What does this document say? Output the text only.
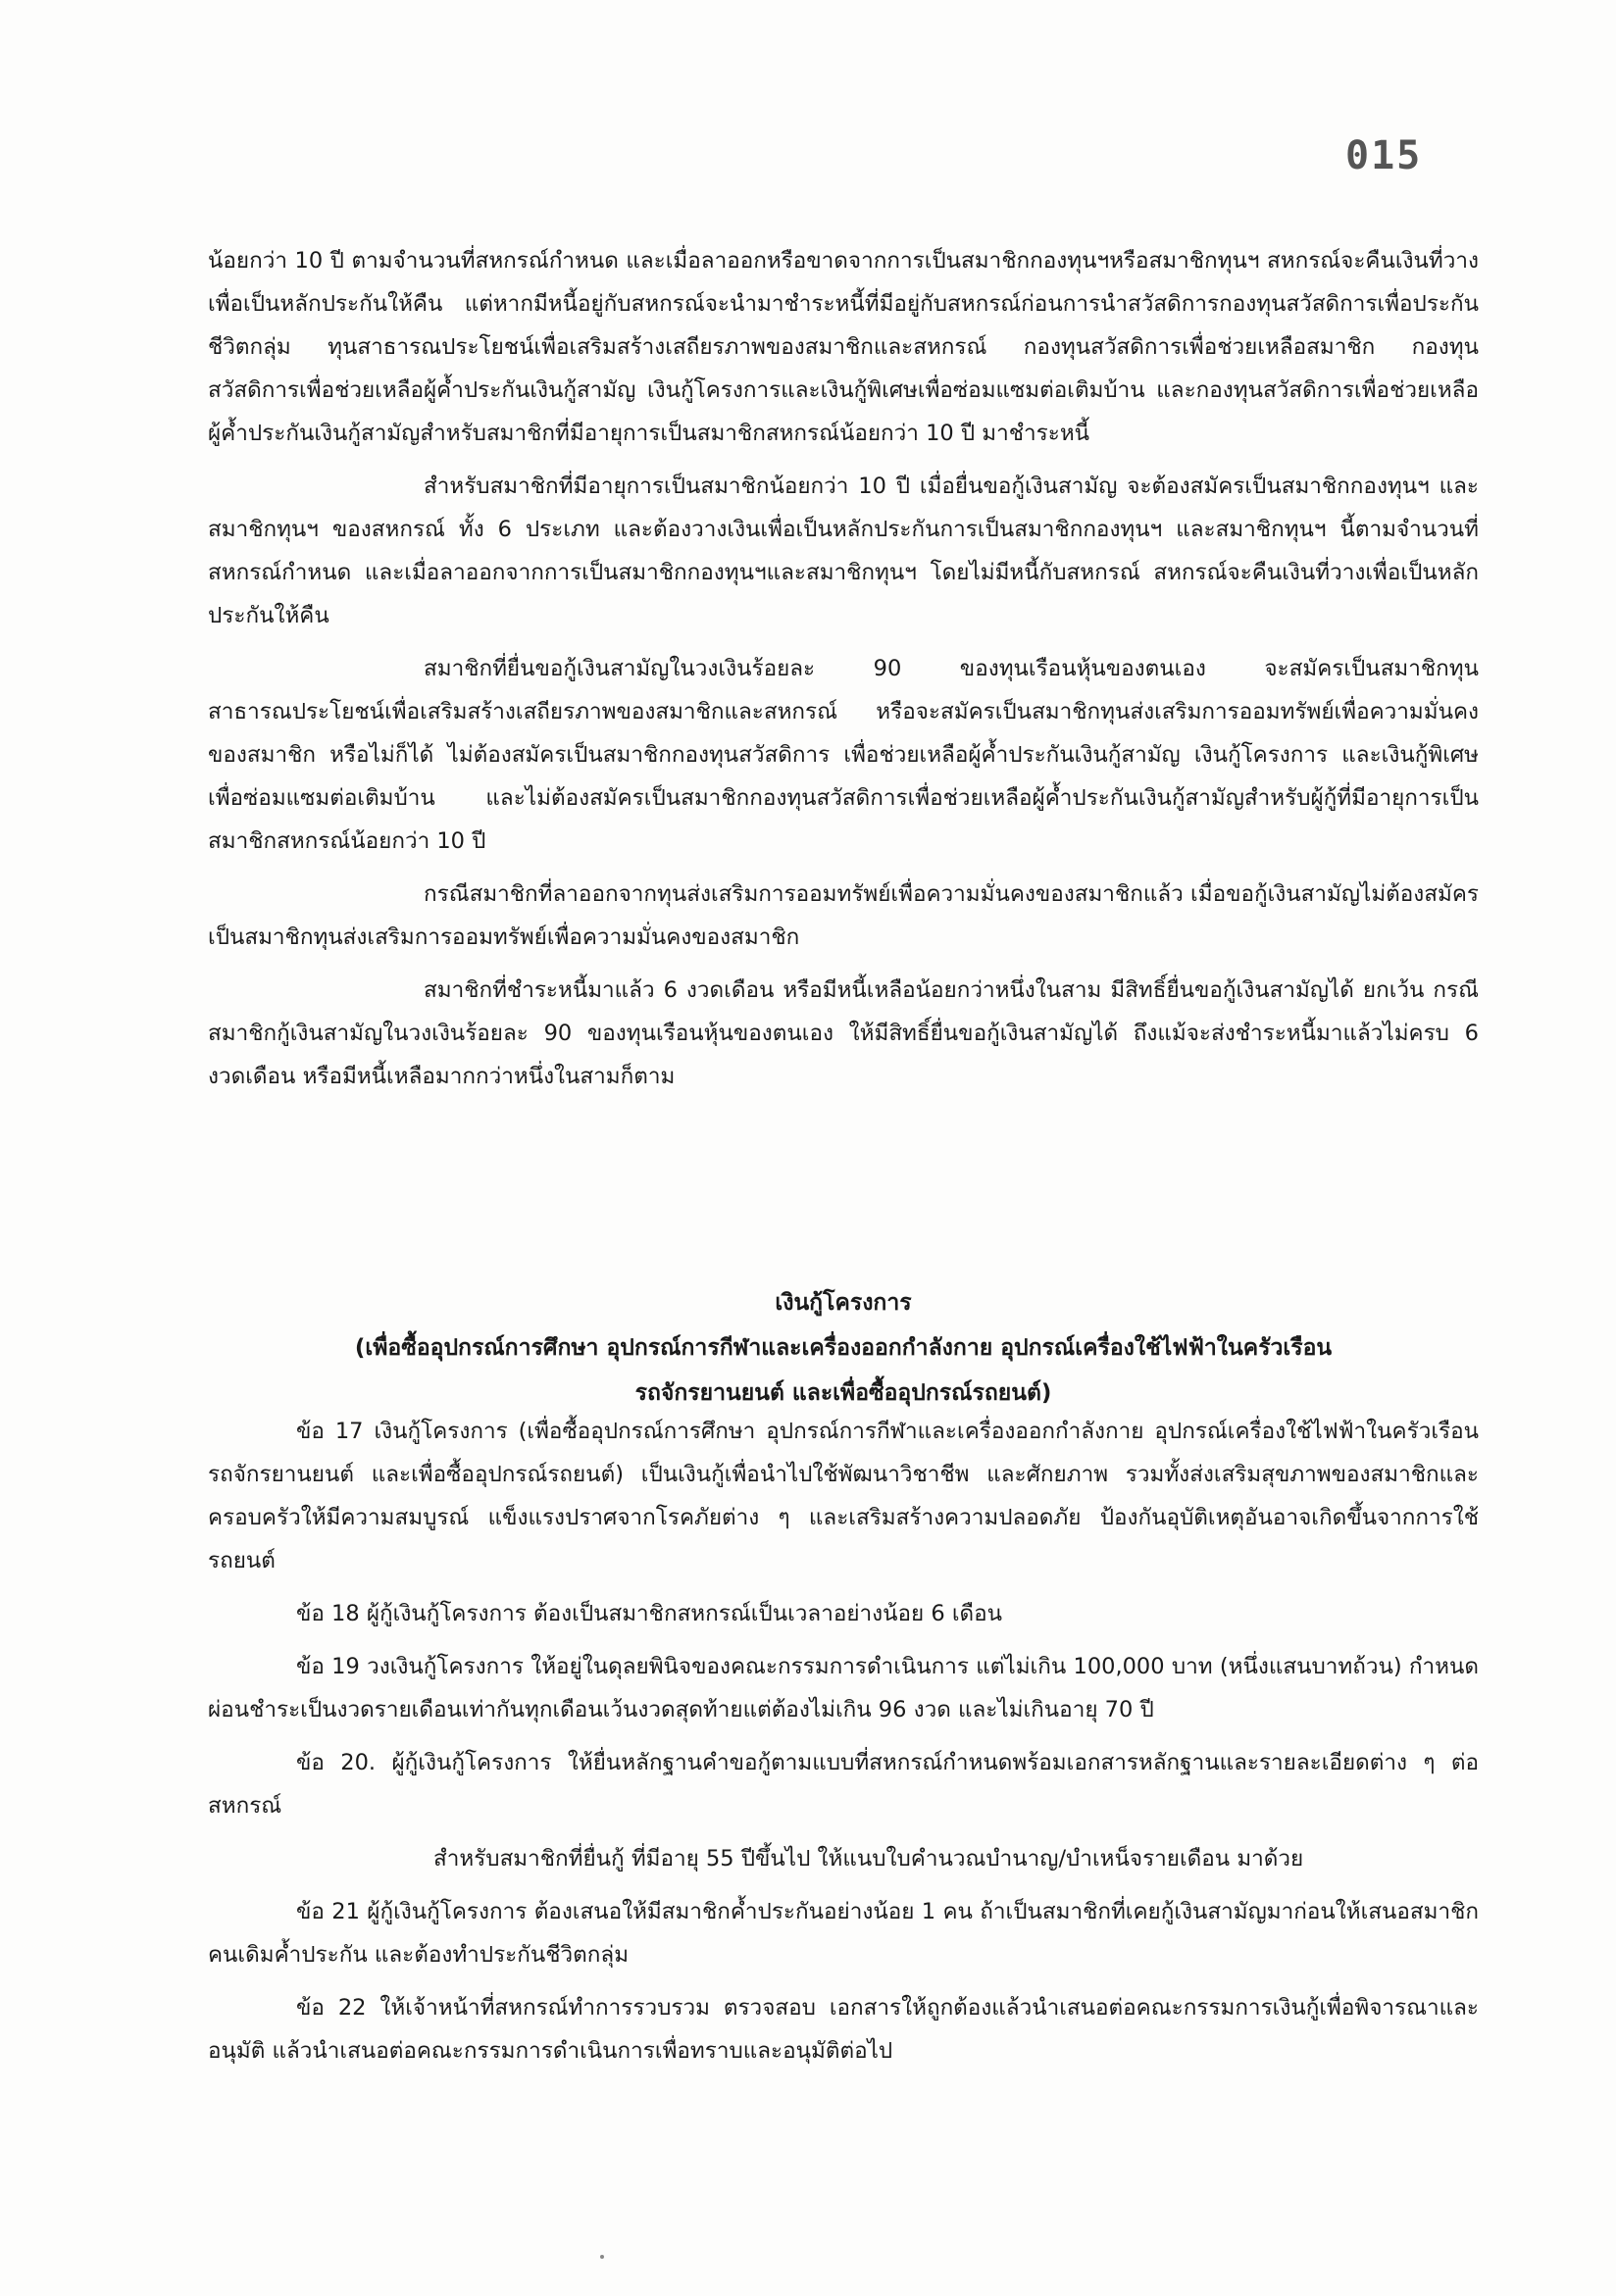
015

น้อยกว่า 10 ปี ตามจำนวนที่สหกรณ์กำหนด และเมื่อลาออกหรือขาดจากการเป็นสมาชิกกองทุนฯหรือสมาชิกทุนฯ สหกรณ์จะคืนเงินที่วางเพื่อเป็นหลักประกันให้คืน แต่หากมีหนี้อยู่กับสหกรณ์จะนำมาชำระหนี้ที่มีอยู่กับสหกรณ์ก่อนการนำสวัสดิการกองทุนสวัสดิการเพื่อประกันชีวิตกลุ่ม ทุนสาธารณประโยชน์เพื่อเสริมสร้างเสถียรภาพของสมาชิกและสหกรณ์ กองทุนสวัสดิการเพื่อช่วยเหลือสมาชิก กองทุนสวัสดิการเพื่อช่วยเหลือผู้ค้ำประกันเงินกู้สามัญ เงินกู้โครงการและเงินกู้พิเศษเพื่อซ่อมแซมต่อเติมบ้าน และกองทุนสวัสดิการเพื่อช่วยเหลือผู้ค้ำประกันเงินกู้สามัญสำหรับสมาชิกที่มีอายุการเป็นสมาชิกสหกรณ์น้อยกว่า 10 ปี มาชำระหนี้

สำหรับสมาชิกที่มีอายุการเป็นสมาชิกน้อยกว่า 10 ปี เมื่อยื่นขอกู้เงินสามัญ จะต้องสมัครเป็นสมาชิกกองทุนฯ และสมาชิกทุนฯ ของสหกรณ์ ทั้ง 6 ประเภท และต้องวางเงินเพื่อเป็นหลักประกันการเป็นสมาชิกกองทุนฯ และสมาชิกทุนฯ นี้ตามจำนวนที่สหกรณ์กำหนด และเมื่อลาออกจากการเป็นสมาชิกกองทุนฯและสมาชิกทุนฯ โดยไม่มีหนี้กับสหกรณ์ สหกรณ์จะคืนเงินที่วางเพื่อเป็นหลักประกันให้คืน

สมาชิกที่ยื่นขอกู้เงินสามัญในวงเงินร้อยละ 90 ของทุนเรือนหุ้นของตนเอง จะสมัครเป็นสมาชิกทุนสาธารณประโยชน์เพื่อเสริมสร้างเสถียรภาพของสมาชิกและสหกรณ์ หรือจะสมัครเป็นสมาชิกทุนส่งเสริมการออมทรัพย์เพื่อความมั่นคงของสมาชิก หรือไม่ก็ได้ ไม่ต้องสมัครเป็นสมาชิกกองทุนสวัสดิการ เพื่อช่วยเหลือผู้ค้ำประกันเงินกู้สามัญ เงินกู้โครงการ และเงินกู้พิเศษเพื่อซ่อมแซมต่อเติมบ้าน และไม่ต้องสมัครเป็นสมาชิกกองทุนสวัสดิการเพื่อช่วยเหลือผู้ค้ำประกันเงินกู้สามัญสำหรับผู้กู้ที่มีอายุการเป็นสมาชิกสหกรณ์น้อยกว่า 10 ปี

กรณีสมาชิกที่ลาออกจากทุนส่งเสริมการออมทรัพย์เพื่อความมั่นคงของสมาชิกแล้ว เมื่อขอกู้เงินสามัญไม่ต้องสมัครเป็นสมาชิกทุนส่งเสริมการออมทรัพย์เพื่อความมั่นคงของสมาชิก

สมาชิกที่ชำระหนี้มาแล้ว 6 งวดเดือน หรือมีหนี้เหลือน้อยกว่าหนึ่งในสาม มีสิทธิ์ยื่นขอกู้เงินสามัญได้ ยกเว้น กรณีสมาชิกกู้เงินสามัญในวงเงินร้อยละ 90 ของทุนเรือนหุ้นของตนเอง ให้มีสิทธิ์ยื่นขอกู้เงินสามัญได้ ถึงแม้จะส่งชำระหนี้มาแล้วไม่ครบ 6 งวดเดือน หรือมีหนี้เหลือมากกว่าหนึ่งในสามก็ตาม

เงินกู้โครงการ
(เพื่อซื้ออุปกรณ์การศึกษา อุปกรณ์การกีฬาและเครื่องออกกำลังกาย อุปกรณ์เครื่องใช้ไฟฟ้าในครัวเรือน
รถจักรยานยนต์ และเพื่อซื้ออุปกรณ์รถยนต์)

ข้อ 17 เงินกู้โครงการ (เพื่อซื้ออุปกรณ์การศึกษา อุปกรณ์การกีฬาและเครื่องออกกำลังกาย อุปกรณ์เครื่องใช้ไฟฟ้าในครัวเรือน รถจักรยานยนต์ และเพื่อซื้ออุปกรณ์รถยนต์) เป็นเงินกู้เพื่อนำไปใช้พัฒนาวิชาชีพ และศักยภาพ รวมทั้งส่งเสริมสุขภาพของสมาชิกและครอบครัวให้มีความสมบูรณ์ แข็งแรงปราศจากโรคภัยต่าง ๆ และเสริมสร้างความปลอดภัย ป้องกันอุบัติเหตุอันอาจเกิดขึ้นจากการใช้รถยนต์

ข้อ 18 ผู้กู้เงินกู้โครงการ ต้องเป็นสมาชิกสหกรณ์เป็นเวลาอย่างน้อย 6 เดือน

ข้อ 19 วงเงินกู้โครงการ ให้อยู่ในดุลยพินิจของคณะกรรมการดำเนินการ แต่ไม่เกิน 100,000 บาท (หนึ่งแสนบาทถ้วน) กำหนดผ่อนชำระเป็นงวดรายเดือนเท่ากันทุกเดือนเว้นงวดสุดท้ายแต่ต้องไม่เกิน 96 งวด และไม่เกินอายุ 70 ปี

ข้อ 20. ผู้กู้เงินกู้โครงการ ให้ยื่นหลักฐานคำขอกู้ตามแบบที่สหกรณ์กำหนดพร้อมเอกสารหลักฐานและรายละเอียดต่าง ๆ ต่อสหกรณ์

สำหรับสมาชิกที่ยื่นกู้ ที่มีอายุ 55 ปีขึ้นไป ให้แนบใบคำนวณบำนาญ/บำเหน็จรายเดือน มาด้วย

ข้อ 21 ผู้กู้เงินกู้โครงการ ต้องเสนอให้มีสมาชิกค้ำประกันอย่างน้อย 1 คน ถ้าเป็นสมาชิกที่เคยกู้เงินสามัญมาก่อนให้เสนอสมาชิกคนเดิมค้ำประกัน และต้องทำประกันชีวิตกลุ่ม

ข้อ 22 ให้เจ้าหน้าที่สหกรณ์ทำการรวบรวม ตรวจสอบ เอกสารให้ถูกต้องแล้วนำเสนอต่อคณะกรรมการเงินกู้เพื่อพิจารณาและอนุมัติ แล้วนำเสนอต่อคณะกรรมการดำเนินการเพื่อทราบและอนุมัติต่อไป
